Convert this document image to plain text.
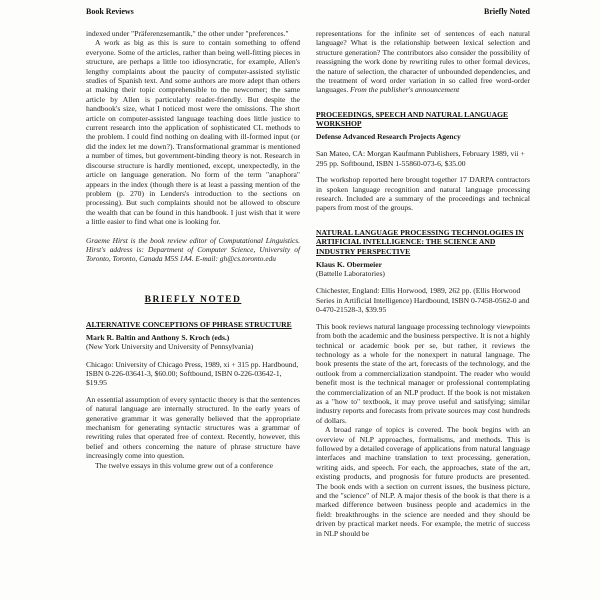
Book Reviews	Briefly Noted

indexed under "Präferenzsemantik," the other under "preferences."

A work as big as this is sure to contain something to offend everyone. Some of the articles, rather than being well-fitting pieces in structure, are perhaps a little too idiosyncratic, for example, Allen's lengthy complaints about the paucity of computer-assisted stylistic studies of Spanish text. And some authors are more adept than others at making their topic comprehensible to the newcomer; the same article by Allen is particularly reader-friendly. But despite the handbook's size, what I noticed most were the omissions. The short article on computer-assisted language teaching does little justice to current research into the application of sophisticated CL methods to the problem. I could find nothing on dealing with ill-formed input (or did the index let me down?). Transformational grammar is mentioned a number of times, but government-binding theory is not. Research in discourse structure is hardly mentioned, except, unexpectedly, in the article on language generation. No form of the term "anaphora" appears in the index (though there is at least a passing mention of the problem (p. 270) in Lenders's introduction to the sections on processing). But such complaints should not be allowed to obscure the wealth that can be found in this handbook. I just wish that it were a little easier to find what one is looking for.

Graeme Hirst is the book review editor of Computational Linguistics. Hirst's address is: Department of Computer Science, University of Toronto, Toronto, Canada M5S 1A4. E-mail: gh@cs.toronto.edu

BRIEFLY NOTED
ALTERNATIVE CONCEPTIONS OF PHRASE STRUCTURE

Mark R. Baltin and Anthony S. Kroch (eds.)

(New York University and University of Pennsylvania)

Chicago: University of Chicago Press, 1989, xi + 315 pp. Hardbound, ISBN 0-226-03641-3, $60.00; Softbound, ISBN 0-226-03642-1, $19.95

An essential assumption of every syntactic theory is that the sentences of natural language are internally structured. In the early years of generative grammar it was generally believed that the appropriate mechanism for generating syntactic structures was a grammar of rewriting rules that operated free of context. Recently, however, this belief and others concerning the nature of phrase structure have increasingly come into question.

The twelve essays in this volume grew out of a conference

representations for the infinite set of sentences of each natural language? What is the relationship between lexical selection and structure generation? The contributors also consider the possibility of reassigning the work done by rewriting rules to other formal devices, the nature of selection, the character of unbounded dependencies, and the treatment of word order variation in so called free word-order languages. From the publisher's announcement

PROCEEDINGS, SPEECH AND NATURAL LANGUAGE WORKSHOP

Defense Advanced Research Projects Agency

San Mateo, CA: Morgan Kaufmann Publishers, February 1989, vii + 295 pp. Softbound, ISBN 1-55860-073-6, $35.00

The workshop reported here brought together 17 DARPA contractors in spoken language recognition and natural language processing research. Included are a summary of the proceedings and technical papers from most of the groups.

NATURAL LANGUAGE PROCESSING TECHNOLOGIES IN ARTIFICIAL INTELLIGENCE: THE SCIENCE AND INDUSTRY PERSPECTIVE

Klaus K. Obermeier

(Battelle Laboratories)

Chichester, England: Ellis Horwood, 1989, 262 pp. (Ellis Horwood Series in Artificial Intelligence) Hardbound, ISBN 0-7458-0562-0 and 0-470-21528-3, $39.95

This book reviews natural language processing technology viewpoints from both the academic and the business perspective. It is not a highly technical or academic book per se, but rather, it reviews the technology as a whole for the nonexpert in natural language. The book presents the state of the art, forecasts of the technology, and the outlook from a commercialization standpoint. The reader who would benefit most is the technical manager or professional contemplating the commercialization of an NLP product. If the book is not mistaken as a "how to" textbook, it may prove useful and satisfying; similar industry reports and forecasts from private sources may cost hundreds of dollars.

A broad range of topics is covered. The book begins with an overview of NLP approaches, formalisms, and methods. This is followed by a detailed coverage of applications from natural language interfaces and machine translation to text processing, generation, writing aids, and speech. For each, the approaches, state of the art, existing products, and prognosis for future products are presented. The book ends with a section on current issues, the business picture, and the "science" of NLP. A major thesis of the book is that there is a marked difference between business people and academics in the field: breakthroughs in the science are needed and they should be driven by practical market needs. For example, the metric of success in NLP should be
